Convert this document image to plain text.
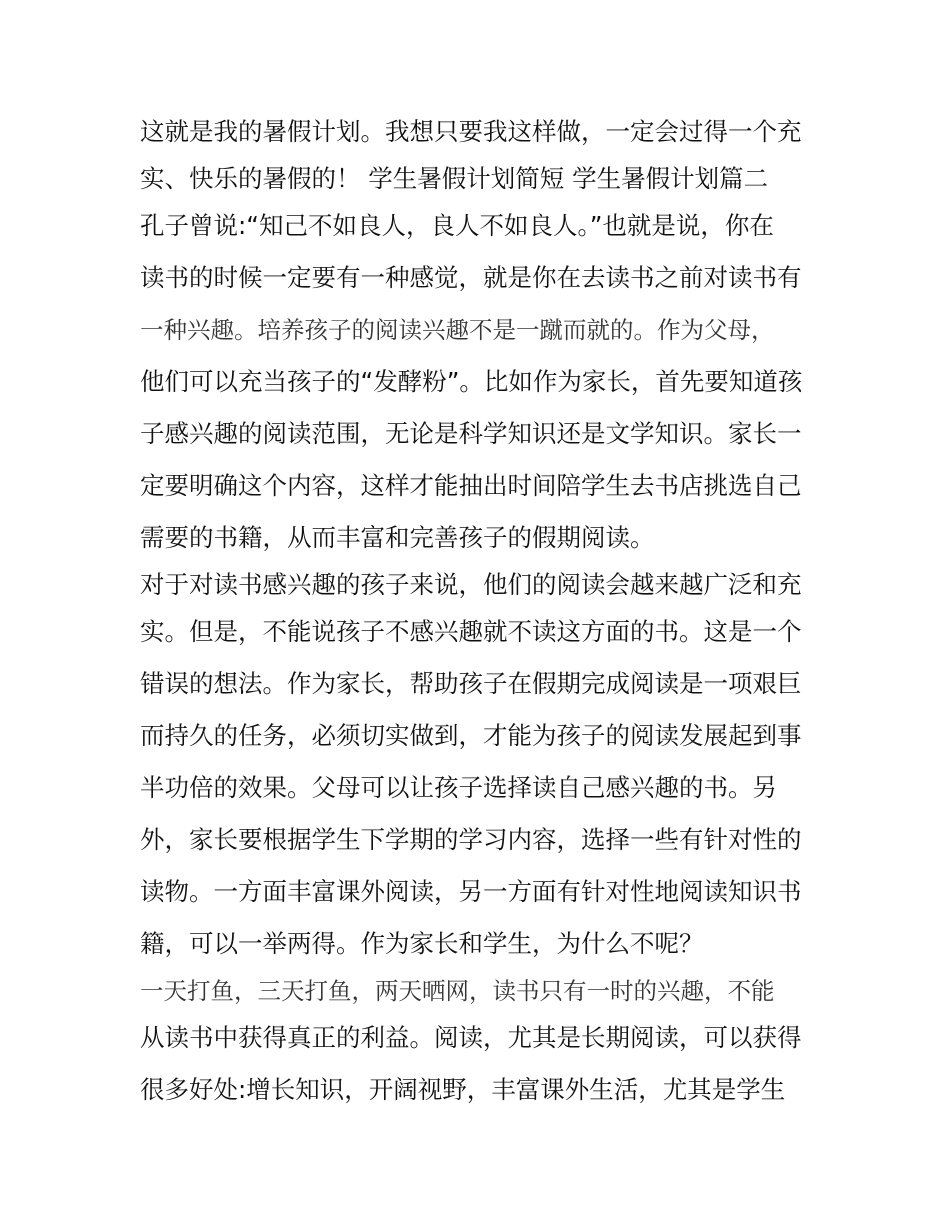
这就是我的暑假计划。我想只要我这样做，一定会过得一个充
实、快乐的暑假的！ 学生暑假计划简短 学生暑假计划篇二
孔子曾说:“知己不如良人，良人不如良人。”也就是说，你在
读书的时候一定要有一种感觉，就是你在去读书之前对读书有
一种兴趣。培养孩子的阅读兴趣不是一蹴而就的。作为父母，
他们可以充当孩子的“发酵粉”。比如作为家长，首先要知道孩
子感兴趣的阅读范围，无论是科学知识还是文学知识。家长一
定要明确这个内容，这样才能抽出时间陪学生去书店挑选自己
需要的书籍，从而丰富和完善孩子的假期阅读。
对于对读书感兴趣的孩子来说，他们的阅读会越来越广泛和充
实。但是，不能说孩子不感兴趣就不读这方面的书。这是一个
错误的想法。作为家长，帮助孩子在假期完成阅读是一项艰巨
而持久的任务，必须切实做到，才能为孩子的阅读发展起到事
半功倍的效果。父母可以让孩子选择读自己感兴趣的书。另
外，家长要根据学生下学期的学习内容，选择一些有针对性的
读物。一方面丰富课外阅读，另一方面有针对性地阅读知识书
籍，可以一举两得。作为家长和学生，为什么不呢？
一天打鱼，三天打鱼，两天晒网，读书只有一时的兴趣，不能
从读书中获得真正的利益。阅读，尤其是长期阅读，可以获得
很多好处:增长知识，开阔视野，丰富课外生活，尤其是学生
